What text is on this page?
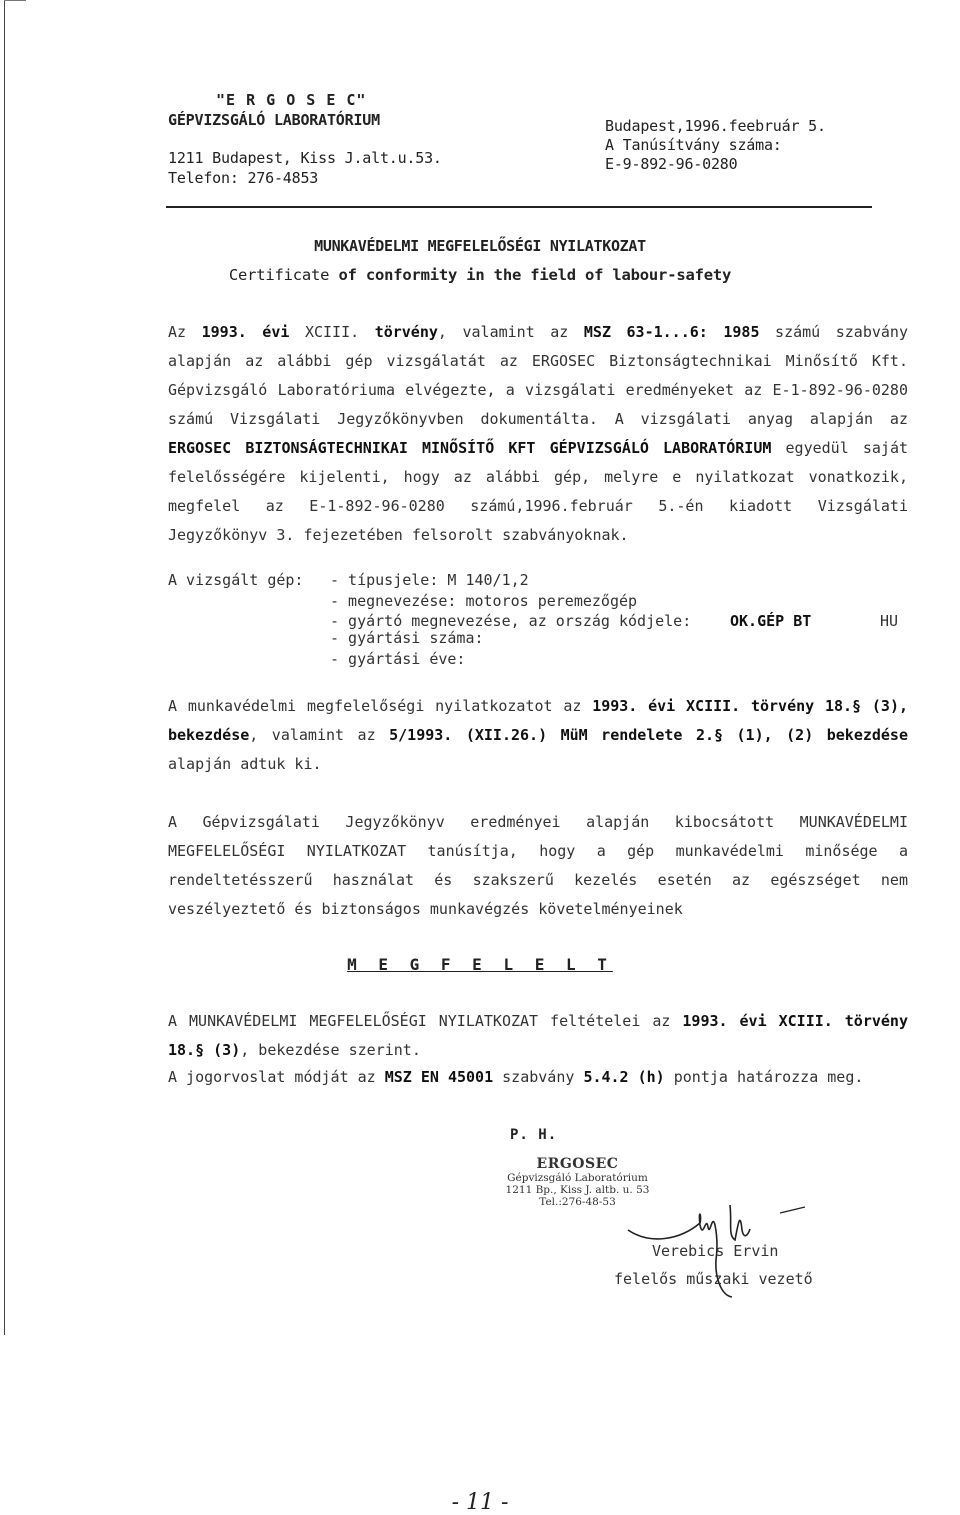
"E R G O S E C"
GÉPVIZSGÁLÓ LABORATÓRIUM
1211 Budapest, Kiss J.alt.u.53.
Telefon: 276-4853
Budapest,1996.feebruár 5.
A Tanúsítvány száma:
E-9-892-96-0280
MUNKAVÉDELMI MEGFELELŐSÉGI NYILATKOZAT
Certificate of conformity in the field of labour-safety
Az 1993. évi XCIII. törvény, valamint az MSZ 63-1...6: 1985 számú szabvány alapján az alábbi gép vizsgálatát az ERGOSEC Biztonságtechnikai Minősítő Kft. Gépvizsgáló Laboratóriuma elvégezte, a vizsgálati eredményeket az E-1-892-96-0280 számú Vizsgálati Jegyzőkönyvben dokumentálta. A vizsgálati anyag alapján az ERGOSEC BIZTONSÁGTECHNIKAI MINŐSÍTŐ KFT GÉPVIZSGÁLÓ LABORATÓRIUM egyedül saját felelősségére kijelenti, hogy az alábbi gép, melyre e nyilatkozat vonatkozik, megfelel az E-1-892-96-0280 számú,1996.február 5.-én kiadott Vizsgálati Jegyzőkönyv 3. fejezetében felsorolt szabványoknak.
A vizsgált gép: - típusjele: M 140/1,2
- megnevezése: motoros peremezőgép
- gyártó megnevezése, az ország kódjele:	OK.GÉP BT	HU
- gyártási száma:
- gyártási éve:
A munkavédelmi megfelelőségi nyilatkozatot az 1993. évi XCIII. törvény 18.§ (3), bekezdése, valamint az 5/1993. (XII.26.) MüM rendelete 2.§ (1), (2) bekezdése alapján adtuk ki.
A Gépvizsgálati Jegyzőkönyv eredményei alapján kibocsátott MUNKAVÉDELMI MEGFELELŐSÉGI NYILATKOZAT tanúsítja, hogy a gép munkavédelmi minősége a rendeltetésszerű használat és szakszerű kezelés esetén az egészséget nem veszélyeztető és biztonságos munkavégzés követelményeinek
M E G F E L E L T
A MUNKAVÉDELMI MEGFELELŐSÉGI NYILATKOZAT feltételei az 1993. évi XCIII. törvény 18.§ (3), bekezdése szerint.
A jogorvoslat módját az MSZ EN 45001 szabvány 5.4.2 (h) pontja határozza meg.
P. H.
ERGOSEC
Gépvizsgáló Laboratórium
1211 Bp., Kiss J. altb. u. 53
Tel.:276-48-53
Verebics Ervin
felelős műszaki vezető
- 11 -
